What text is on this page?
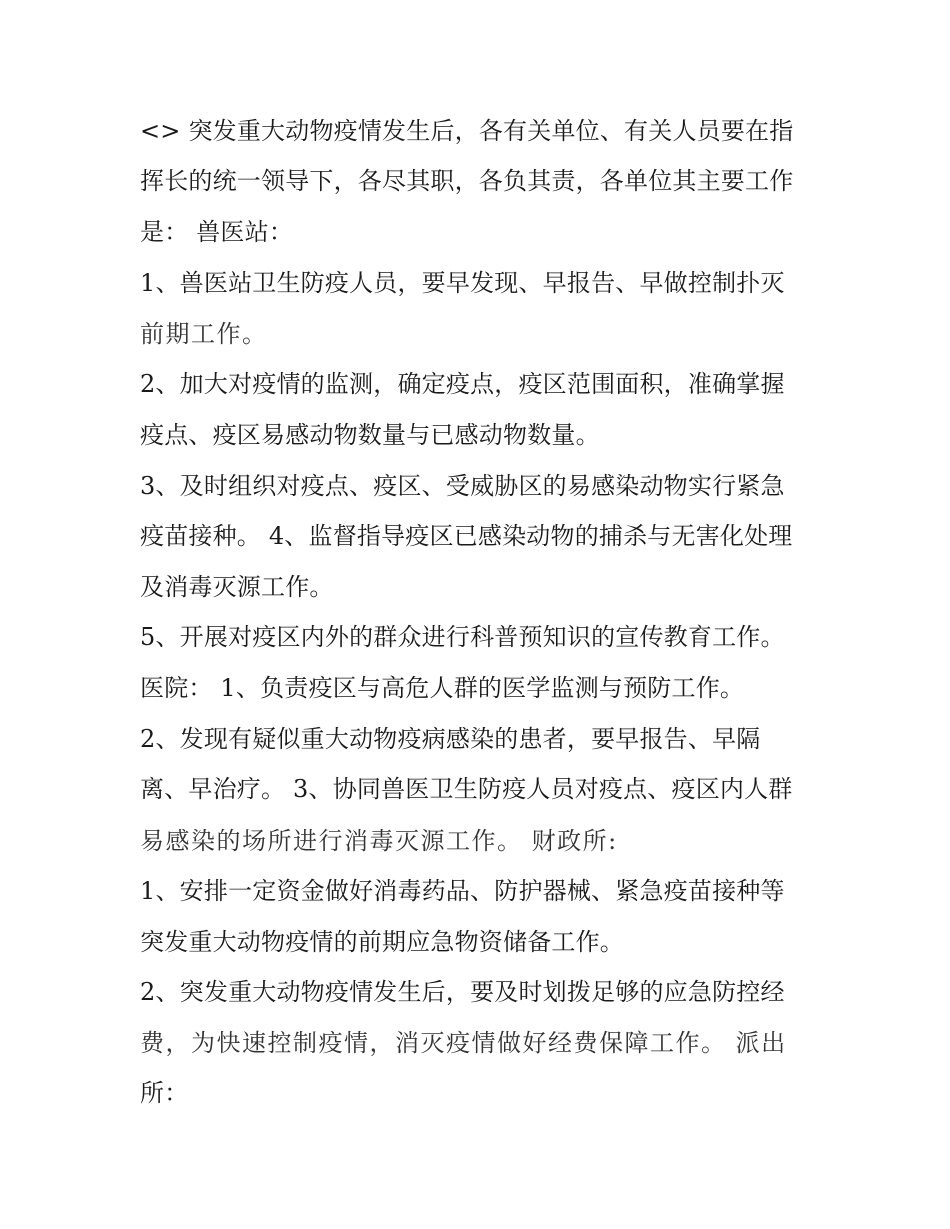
<> 突发重大动物疫情发生后，各有关单位、有关人员要在指
挥长的统一领导下，各尽其职，各负其责，各单位其主要工作
是： 兽医站：
1、兽医站卫生防疫人员，要早发现、早报告、早做控制扑灭
前期工作。
2、加大对疫情的监测，确定疫点，疫区范围面积，准确掌握
疫点、疫区易感动物数量与已感动物数量。
3、及时组织对疫点、疫区、受威胁区的易感染动物实行紧急
疫苗接种。 4、监督指导疫区已感染动物的捕杀与无害化处理
及消毒灭源工作。
5、开展对疫区内外的群众进行科普预知识的宣传教育工作。
医院： 1、负责疫区与高危人群的医学监测与预防工作。
2、发现有疑似重大动物疫病感染的患者，要早报告、早隔
离、早治疗。 3、协同兽医卫生防疫人员对疫点、疫区内人群
易感染的场所进行消毒灭源工作。 财政所:
1、安排一定资金做好消毒药品、防护器械、紧急疫苗接种等
突发重大动物疫情的前期应急物资储备工作。
2、突发重大动物疫情发生后，要及时划拨足够的应急防控经
费，为快速控制疫情，消灭疫情做好经费保障工作。 派出
所：
